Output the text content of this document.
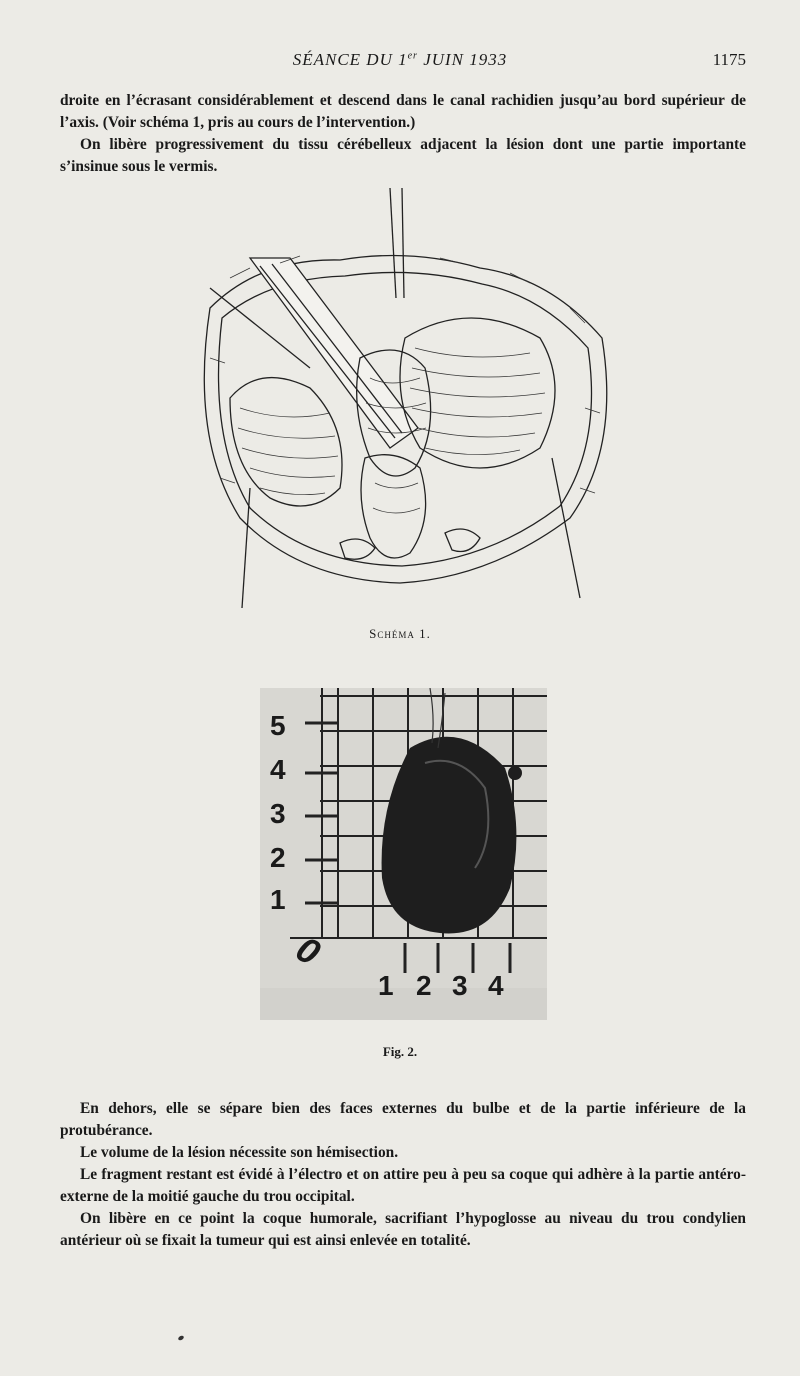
SÉANCE DU 1er JUIN 1933	1175

droite en l’écrasant considérablement et descend dans le canal rachidien jusqu’au bord supérieur de l’axis. (Voir schéma 1, pris au cours de l’intervention.)

On libère progressivement du tissu cérébelleux adjacent la lésion dont une partie importante s’insinue sous le vermis.

Schéma 1.
5
4
3
2
1
0
1 2 3 4
Fig. 2.

En dehors, elle se sépare bien des faces externes du bulbe et de la partie inférieure de la protubérance.

Le volume de la lésion nécessite son hémisection.

Le fragment restant est évidé à l’électro et on attire peu à peu sa coque qui adhère à la partie antéro-externe de la moitié gauche du trou occipital.

On libère en ce point la coque humorale, sacrifiant l’hypoglosse au niveau du trou condylien antérieur où se fixait la tumeur qui est ainsi enlevée en totalité.
